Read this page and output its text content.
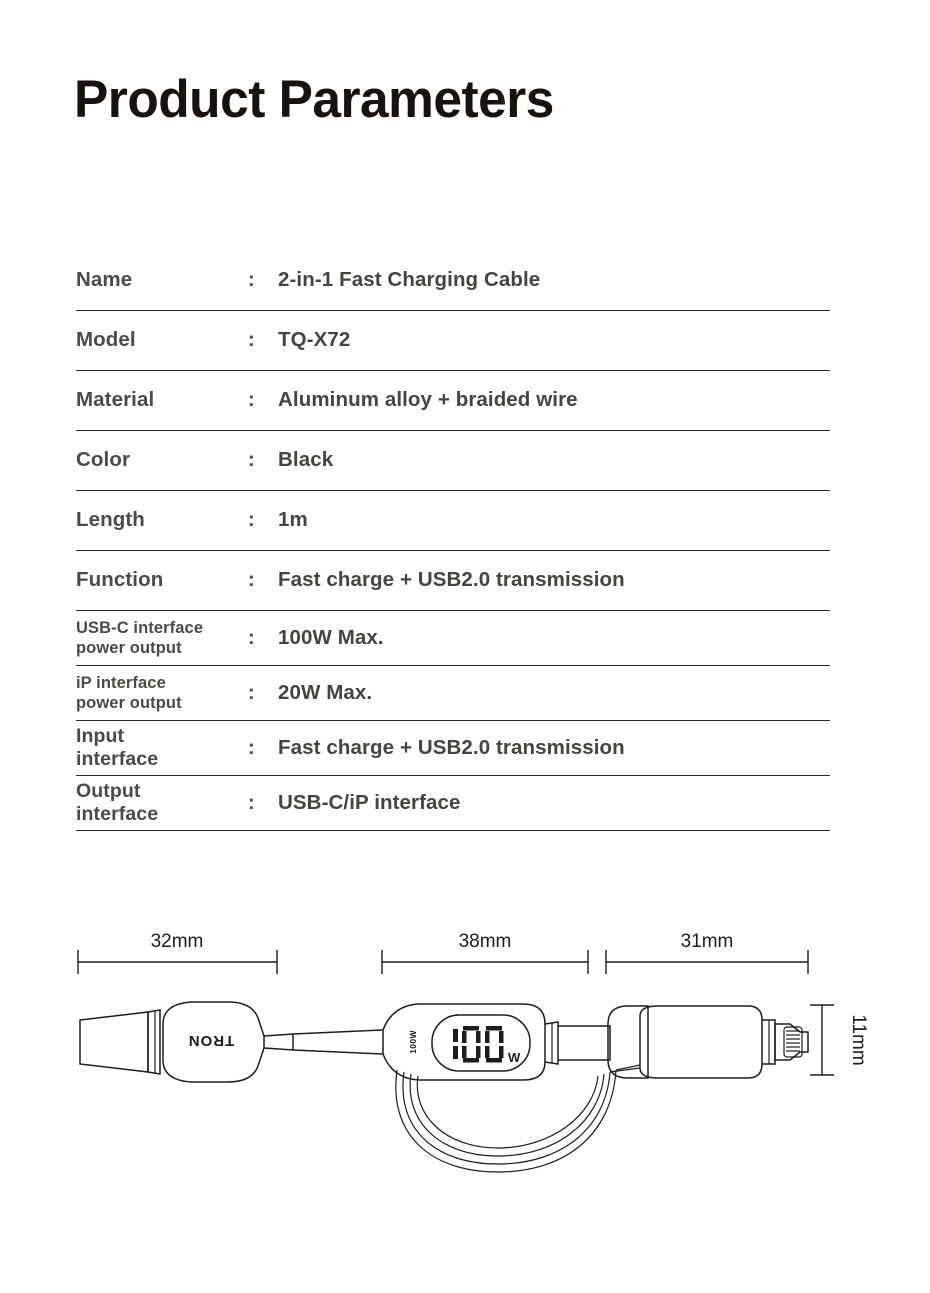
Product Parameters
Name	:	2-in-1 Fast Charging Cable
Model	:	TQ-X72
Material	:	Aluminum alloy + braided wire
Color	:	Black
Length	:	1m
Function	:	Fast charge + USB2.0 transmission
USB-C interface
power output	:	100W Max.
iP interface
power output	:	20W Max.
Input
interface
:	Fast charge + USB2.0 transmission
Output
interface
:	USB-C/iP interface
32mm	38mm	31mm
11mm
TRON	100W
W
